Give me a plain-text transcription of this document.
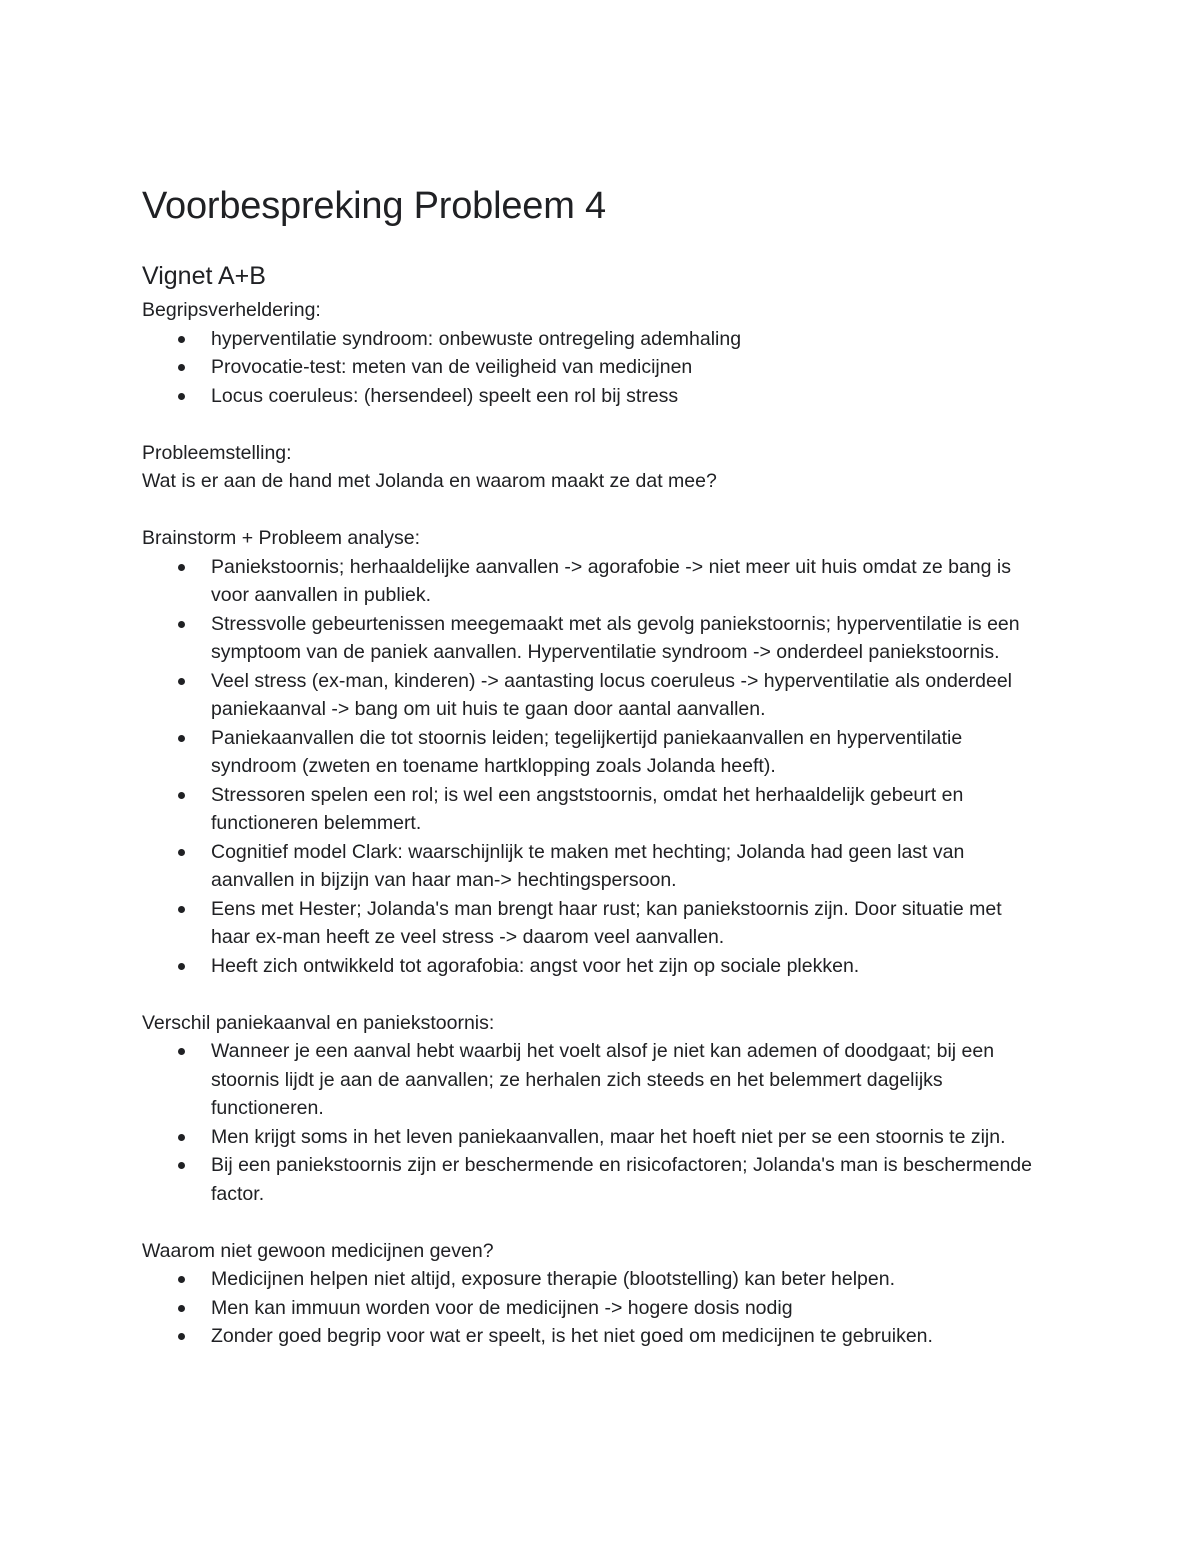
Voorbespreking Probleem 4
Vignet A+B

Begripsverheldering:

hyperventilatie syndroom: onbewuste ontregeling ademhaling
Provocatie-test: meten van de veiligheid van medicijnen
Locus coeruleus: (hersendeel) speelt een rol bij stress

Probleemstelling:

Wat is er aan de hand met Jolanda en waarom maakt ze dat mee?

Brainstorm + Probleem analyse:

Paniekstoornis; herhaaldelijke aanvallen -> agorafobie -> niet meer uit huis omdat ze bang is voor aanvallen in publiek.
Stressvolle gebeurtenissen meegemaakt met als gevolg paniekstoornis; hyperventilatie is een symptoom van de paniek aanvallen. Hyperventilatie syndroom -> onderdeel paniekstoornis.
Veel stress (ex-man, kinderen) -> aantasting locus coeruleus -> hyperventilatie als onderdeel paniekaanval -> bang om uit huis te gaan door aantal aanvallen.
Paniekaanvallen die tot stoornis leiden; tegelijkertijd paniekaanvallen en hyperventilatie syndroom (zweten en toename hartklopping zoals Jolanda heeft).
Stressoren spelen een rol; is wel een angststoornis, omdat het herhaaldelijk gebeurt en functioneren belemmert.
Cognitief model Clark: waarschijnlijk te maken met hechting; Jolanda had geen last van aanvallen in bijzijn van haar man-> hechtingspersoon.
Eens met Hester; Jolanda's man brengt haar rust; kan paniekstoornis zijn. Door situatie met haar ex-man heeft ze veel stress -> daarom veel aanvallen.
Heeft zich ontwikkeld tot agorafobia: angst voor het zijn op sociale plekken.

Verschil paniekaanval en paniekstoornis:

Wanneer je een aanval hebt waarbij het voelt alsof je niet kan ademen of doodgaat; bij een stoornis lijdt je aan de aanvallen; ze herhalen zich steeds en het belemmert dagelijks functioneren.
Men krijgt soms in het leven paniekaanvallen, maar het hoeft niet per se een stoornis te zijn.
Bij een paniekstoornis zijn er beschermende en risicofactoren; Jolanda's man is beschermende factor.

Waarom niet gewoon medicijnen geven?

Medicijnen helpen niet altijd, exposure therapie (blootstelling) kan beter helpen.
Men kan immuun worden voor de medicijnen -> hogere dosis nodig
Zonder goed begrip voor wat er speelt, is het niet goed om medicijnen te gebruiken.
